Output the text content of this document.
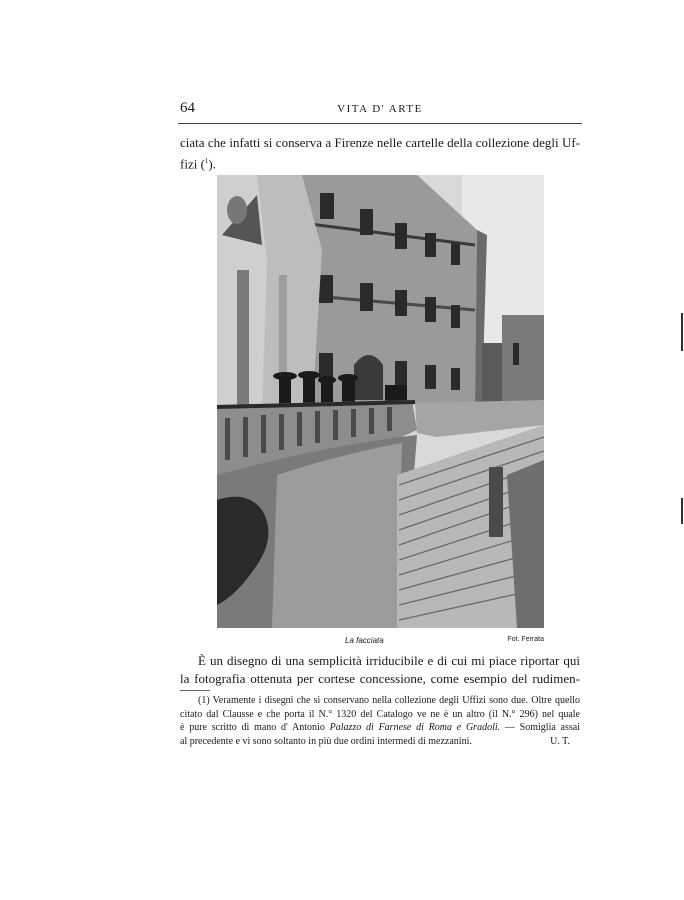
64	VITA D' ARTE
ciata che infatti si conserva a Firenze nelle cartelle della collezione degli Uf-
fizi ($^1$).
La facciata	Fot. Ferrata
È un disegno di una semplicità irriducibile e di cui mi piace riportar qui
la fotografia ottenuta per cortese concessione, come esempio del rudimen-
(1) Veramente i disegni che si conservano nella collezione degli Uffizi sono due. Oltre quello
citato dal Clausse e che porta il N.° 1320 del Catalogo ve ne è un altro (il N.° 296) nel quale
è pure scritto di mano d' Antonio Palazzo di Farnese di Roma e Gradoli. — Somiglia assai
al precedente e vi sono soltanto in più due ordini intermedi di mezzanini.	U. T.
